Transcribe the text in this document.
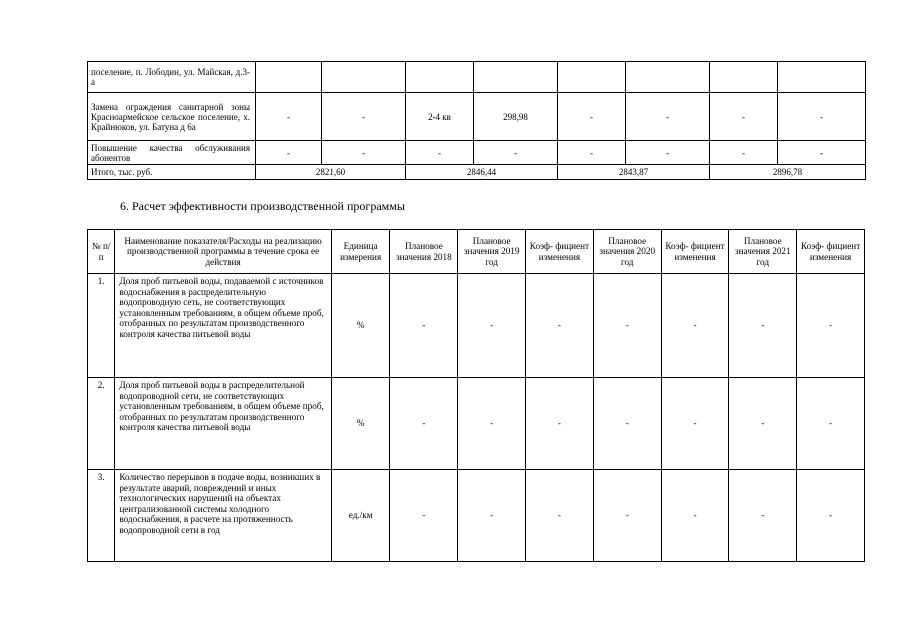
поселение, п. Лободин, ул. Майская, д.3-а								
Замена ограждения санитарной зоны Красноармейское сельское поселение, х. Крайнюков, ул. Батуна д 6а	-	-	2-4 кв	298,98	-	-	-	-
Повышение качества обслуживания абонентов	-	-	-	-	-	-	-	-
Итого, тыс. руб.	2821,60		2846,44		2843,87		2896,78	
6. Расчет эффективности производственной программы
№ п/п	Наименование показателя/Расходы на реализацию производственной программы в течение срока ее действия	Единица измерения	Плановое значения 2018	Плановое значения 2019 год	Коэф- фициент изменения	Плановое значения 2020 год	Коэф- фициент изменения	Плановое значения 2021 год	Коэф- фициент изменения
1.	Доля проб питьевой воды, подаваемой с источников водоснабжения в распределительную водопроводную сеть, не соответствующих установленным требованиям, в общем объеме проб, отобранных по результатам производственного контроля качества питьевой воды	%	-	-	-	-	-	-	-
2.	Доля проб питьевой воды в распределительной водопроводной сети, не соответствующих установленным требованиям, в общем объеме проб, отобранных по результатам производственного контроля качества питьевой воды	%	-	-	-	-	-	-	-
3.	Количество перерывов в подаче воды, возникших в результате аварий, повреждений и иных технологических нарушений на объектах централизованной системы холодного водоснабжения, в расчете на протяженность водопроводной сети в год	ед./км	-	-	-	-	-	-	-
